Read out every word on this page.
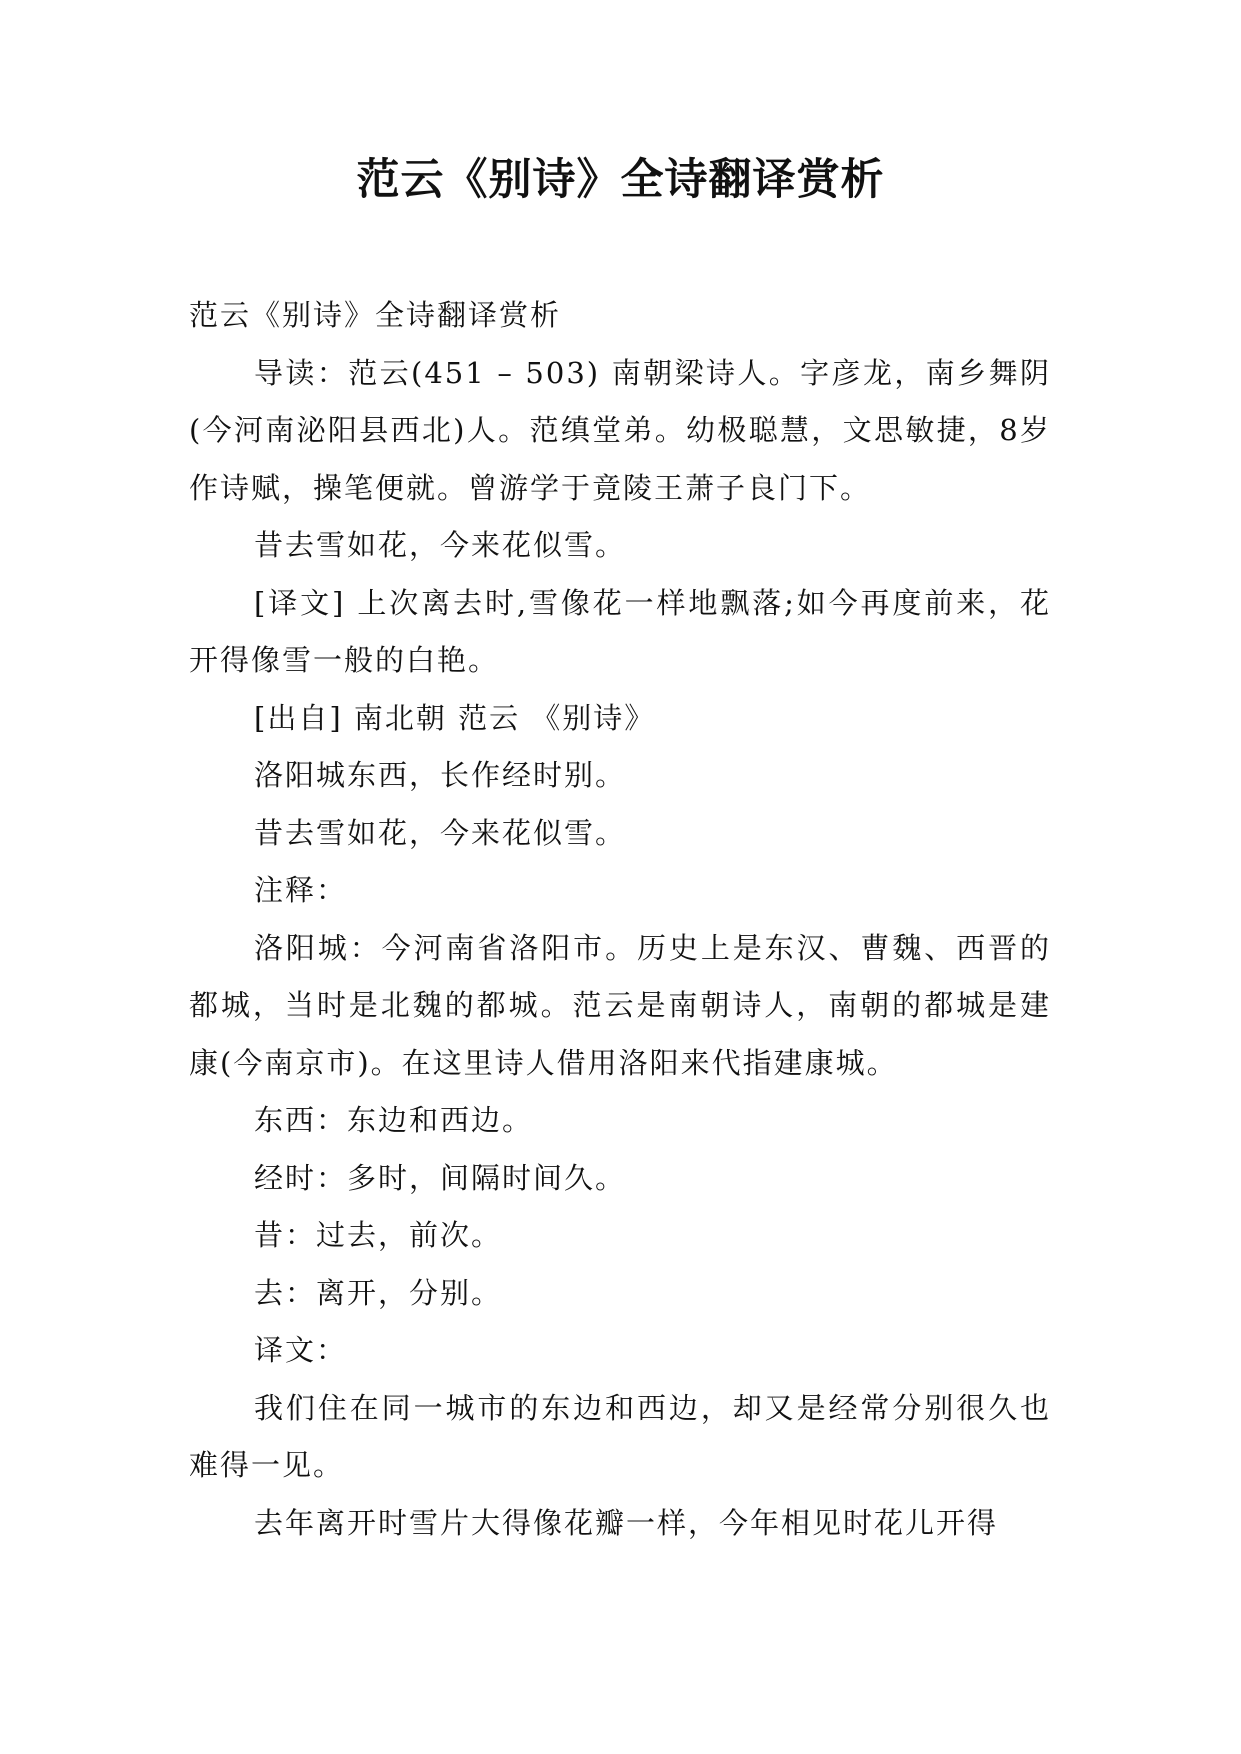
范云《别诗》全诗翻译赏析

范云《别诗》全诗翻译赏析

导读：范云(451 – 503) 南朝梁诗人。字彦龙，南乡舞阴(今河南泌阳县西北)人。范缜堂弟。幼极聪慧，文思敏捷，8岁作诗赋，操笔便就。曾游学于竟陵王萧子良门下。

昔去雪如花，今来花似雪。

[译文] 上次离去时,雪像花一样地飘落;如今再度前来，花开得像雪一般的白艳。

[出自] 南北朝 范云 《别诗》

洛阳城东西，长作经时别。

昔去雪如花，今来花似雪。

注释：

洛阳城：今河南省洛阳市。历史上是东汉、曹魏、西晋的都城，当时是北魏的都城。范云是南朝诗人，南朝的都城是建康(今南京市)。在这里诗人借用洛阳来代指建康城。

东西：东边和西边。

经时：多时，间隔时间久。

昔：过去，前次。

去：离开，分别。

译文：

我们住在同一城市的东边和西边，却又是经常分别很久也难得一见。

去年离开时雪片大得像花瓣一样，今年相见时花儿开得
